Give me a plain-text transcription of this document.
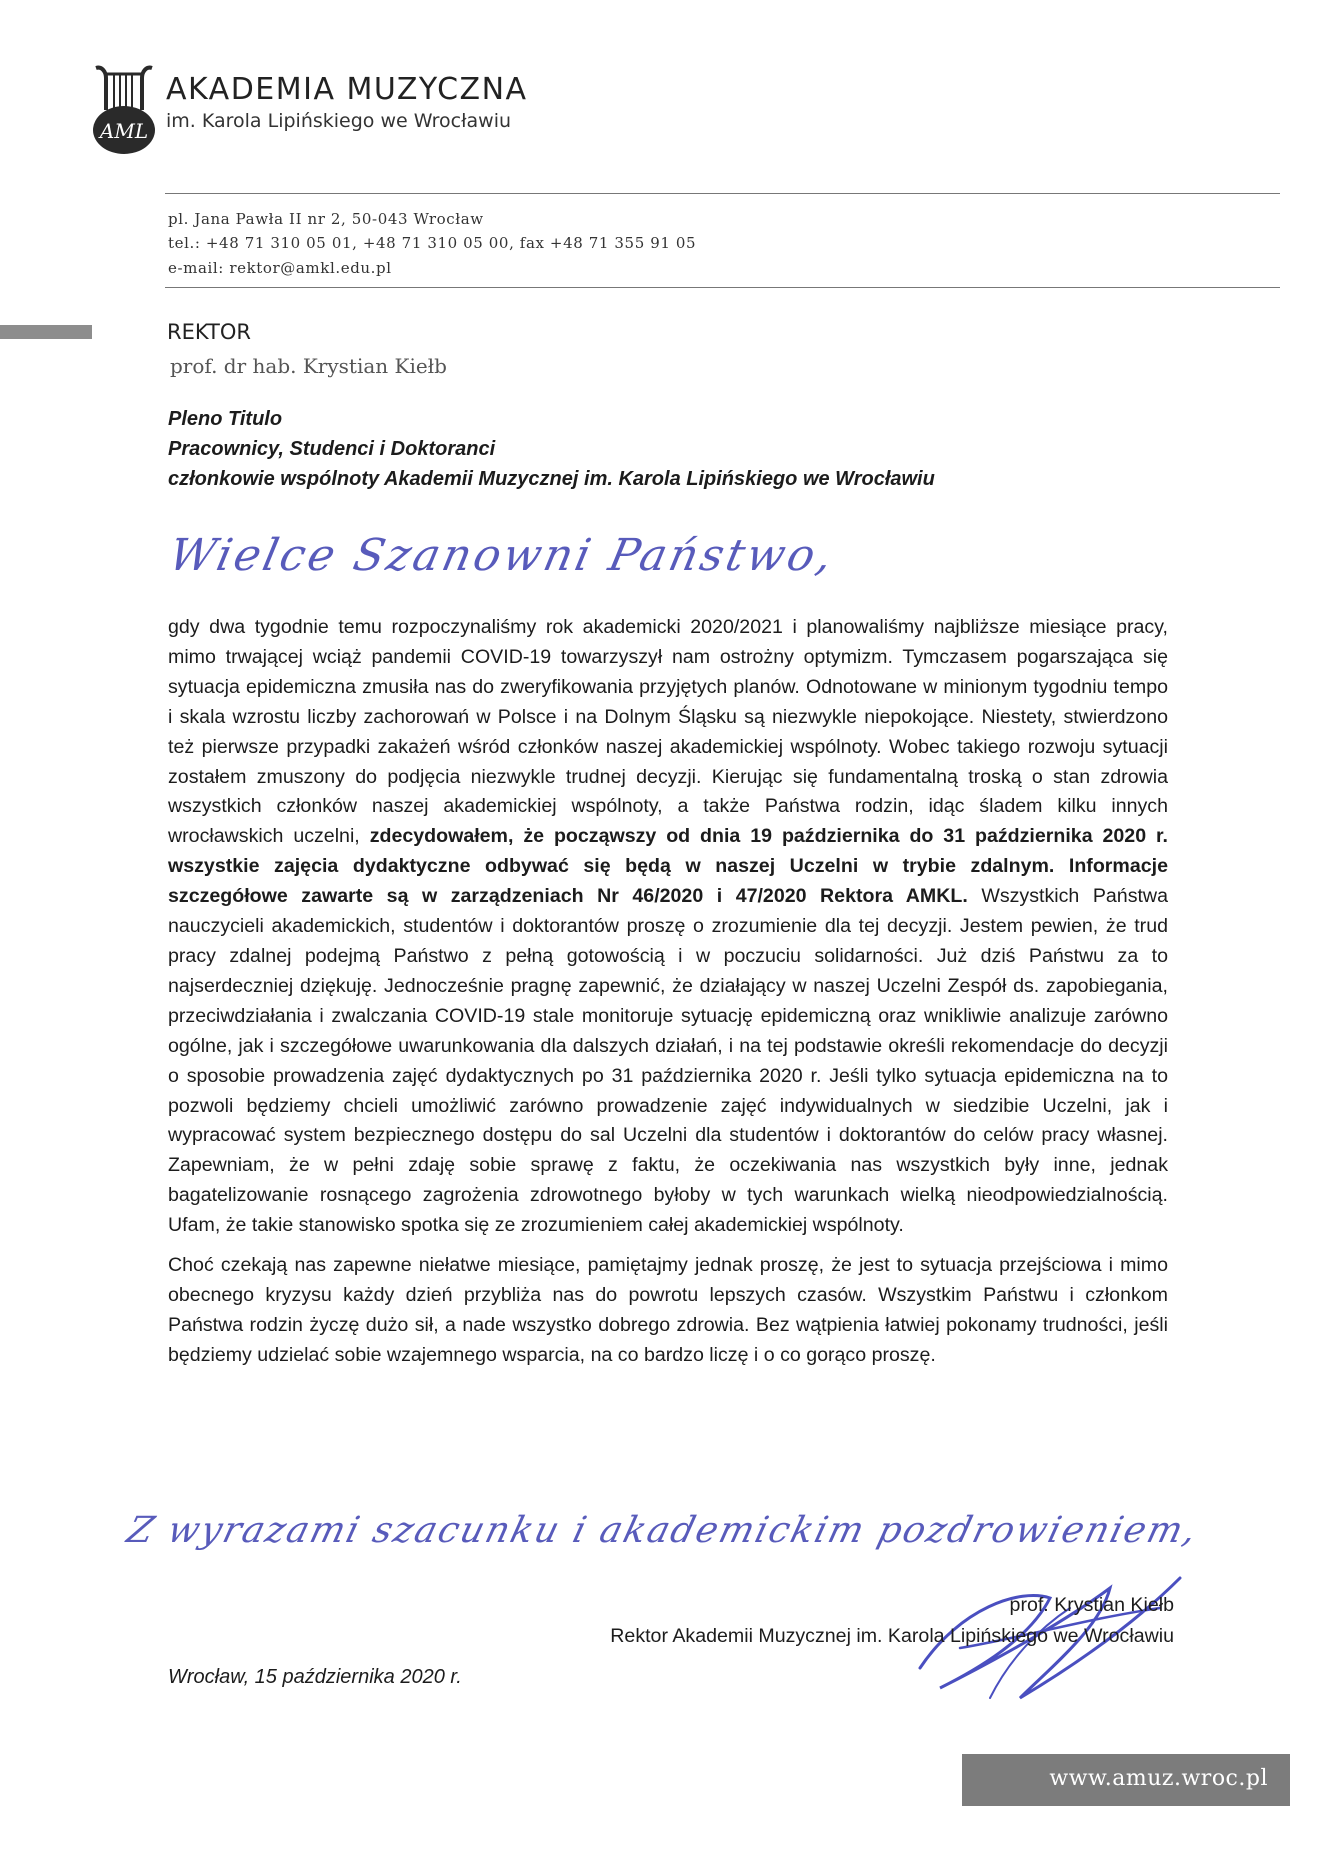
AML
AKADEMIA MUZYCZNA
im. Karola Lipińskiego we Wrocławiu
pl. Jana Pawła II nr 2, 50-043 Wrocław
tel.: +48 71 310 05 01, +48 71 310 05 00, fax +48 71 355 91 05
e-mail: rektor@amkl.edu.pl
REKTOR
prof. dr hab. Krystian Kiełb
Pleno Titulo
Pracownicy, Studenci i Doktoranci
członkowie wspólnoty Akademii Muzycznej im. Karola Lipińskiego we Wrocławiu
Wielce Szanowni Państwo,

gdy dwa tygodnie temu rozpoczynaliśmy rok akademicki 2020/2021 i planowaliśmy najbliższe miesiące pracy, mimo trwającej wciąż pandemii COVID-19 towarzyszył nam ostrożny optymizm. Tymczasem pogarszająca się sytuacja epidemiczna zmusiła nas do zweryfikowania przyjętych planów. Odnotowane w minionym tygodniu tempo i skala wzrostu liczby zachorowań w Polsce i na Dolnym Śląsku są niezwykle niepokojące. Niestety, stwierdzono też pierwsze przypadki zakażeń wśród członków naszej akademickiej wspólnoty. Wobec takiego rozwoju sytuacji zostałem zmuszony do podjęcia niezwykle trudnej decyzji. Kierując się fundamentalną troską o stan zdrowia wszystkich członków naszej akademickiej wspólnoty, a także Państwa rodzin, idąc śladem kilku innych wrocławskich uczelni, zdecydowałem, że począwszy od dnia 19 października do 31 października 2020 r. wszystkie zajęcia dydaktyczne odbywać się będą w naszej Uczelni w trybie zdalnym. Informacje szczegółowe zawarte są w zarządzeniach Nr 46/2020 i 47/2020 Rektora AMKL. Wszystkich Państwa nauczycieli akademickich, studentów i doktorantów proszę o zrozumienie dla tej decyzji. Jestem pewien, że trud pracy zdalnej podejmą Państwo z pełną gotowością i w poczuciu solidarności. Już dziś Państwu za to najserdeczniej dziękuję. Jednocześnie pragnę zapewnić, że działający w naszej Uczelni Zespół ds. zapobiegania, przeciwdziałania i zwalczania COVID-19 stale monitoruje sytuację epidemiczną oraz wnikliwie analizuje zarówno ogólne, jak i szczegółowe uwarunkowania dla dalszych działań, i na tej podstawie określi rekomendacje do decyzji o sposobie prowadzenia zajęć dydaktycznych po 31 października 2020 r. Jeśli tylko sytuacja epidemiczna na to pozwoli będziemy chcieli umożliwić zarówno prowadzenie zajęć indywidualnych w siedzibie Uczelni, jak i wypracować system bezpiecznego dostępu do sal Uczelni dla studentów i doktorantów do celów pracy własnej. Zapewniam, że w pełni zdaję sobie sprawę z faktu, że oczekiwania nas wszystkich były inne, jednak bagatelizowanie rosnącego zagrożenia zdrowotnego byłoby w tych warunkach wielką nieodpowiedzialnością. Ufam, że takie stanowisko spotka się ze zrozumieniem całej akademickiej wspólnoty.

Choć czekają nas zapewne niełatwe miesiące, pamiętajmy jednak proszę, że jest to sytuacja przejściowa i mimo obecnego kryzysu każdy dzień przybliża nas do powrotu lepszych czasów. Wszystkim Państwu i członkom Państwa rodzin życzę dużo sił, a nade wszystko dobrego zdrowia. Bez wątpienia łatwiej pokonamy trudności, jeśli będziemy udzielać sobie wzajemnego wsparcia, na co bardzo liczę i o co gorąco proszę.

Z wyrazami szacunku i akademickim pozdrowieniem,
prof. Krystian Kiełb
Rektor Akademii Muzycznej im. Karola Lipińskiego we Wrocławiu
Wrocław, 15 października 2020 r.
www.amuz.wroc.pl
